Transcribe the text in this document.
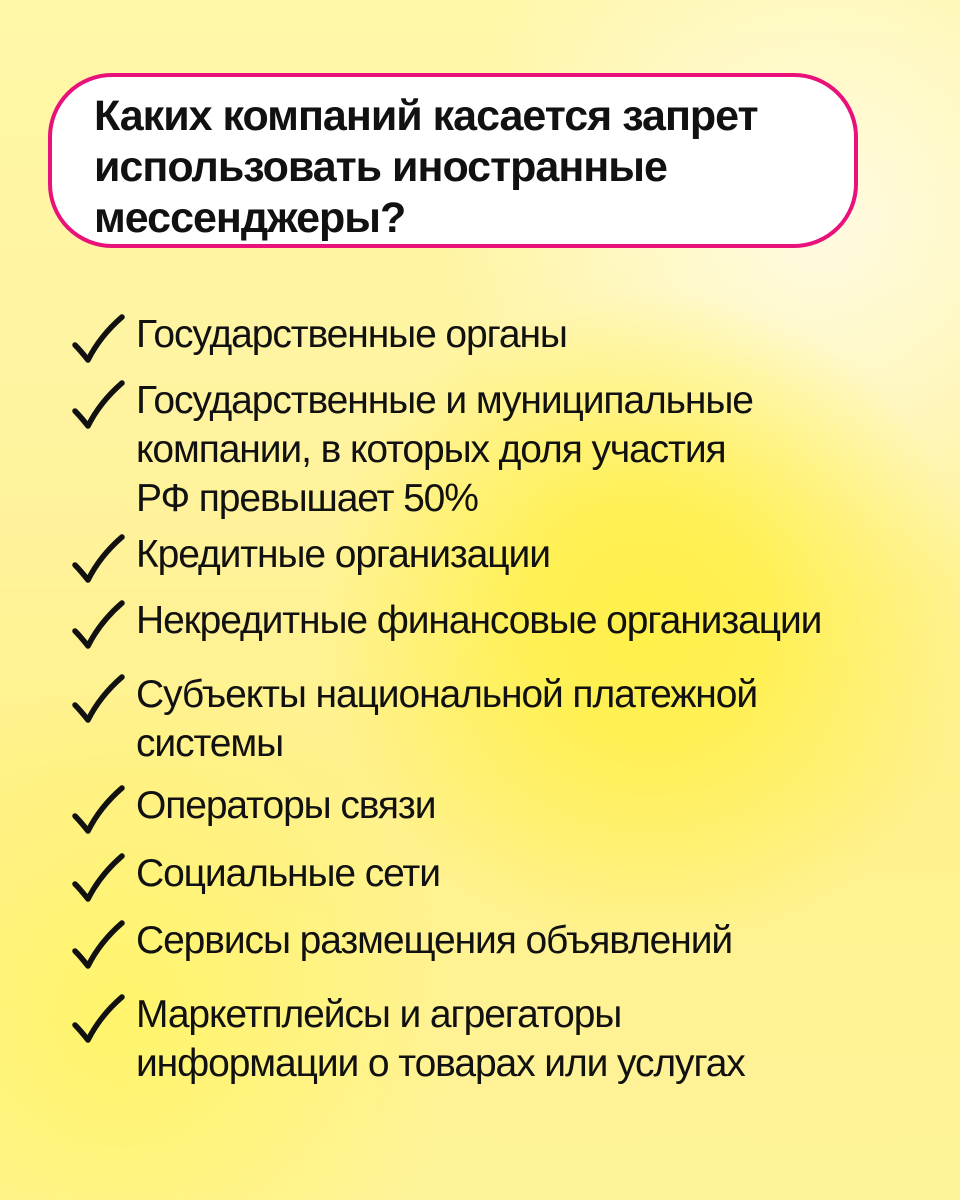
Каких компаний касается запрет
использовать иностранные
мессенджеры?
Государственные органы
Государственные и муниципальные
компании, в которых доля участия
РФ превышает 50%
Кредитные организации
Некредитные финансовые организации
Субъекты национальной платежной
системы
Операторы связи
Социальные сети
Сервисы размещения объявлений
Маркетплейсы и агрегаторы
информации о товарах или услугах
